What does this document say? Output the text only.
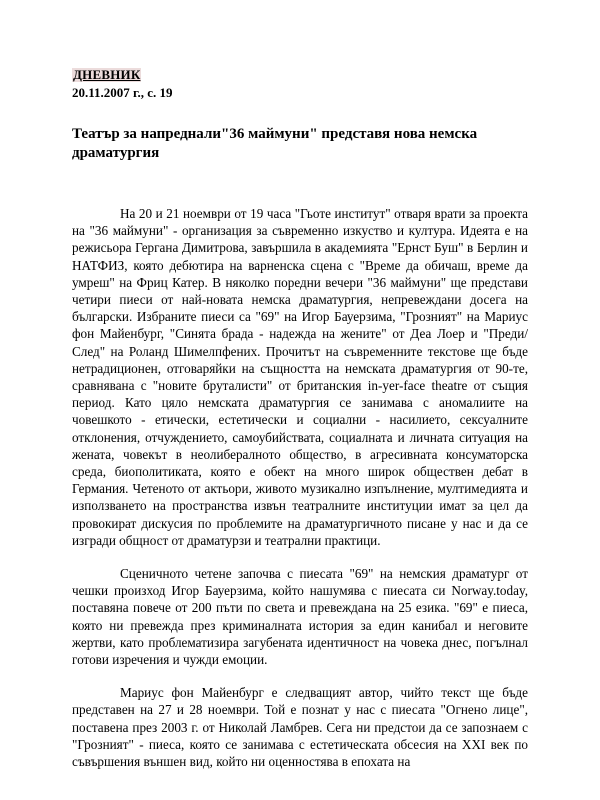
ДНЕВНИК
20.11.2007 г., с. 19
Театър за напреднали"36 маймуни" представя нова немска драматургия

На 20 и 21 ноември от 19 часа "Гьоте институт" отваря врати за проекта на "36 маймуни" - организация за съвременно изкуство и култура. Идеята е на режисьора Гергана Димитрова, завършила в академията "Ернст Буш" в Берлин и НАТФИЗ, която дебютира на варненска сцена с "Време да обичаш, време да умреш" на Фриц Катер. В няколко поредни вечери "36 маймуни" ще представи четири пиеси от най-новата немска драматургия, непревеждани досега на български. Избраните пиеси са "69" на Игор Бауерзима, "Грозният" на Мариус фон Майенбург, "Синята брада - надежда на жените" от Деа Лоер и "Преди/След" на Роланд Шимелпфених. Прочитът на съвременните текстове ще бъде нетрадиционен, отговаряйки на същността на немската драматургия от 90-те, сравнявана с "новите бруталисти" от британския in-yer-face theatre от същия период. Като цяло немската драматургия се занимава с аномалиите на човешкото - етически, естетически и социални - насилието, сексуалните отклонения, отчуждението, самоубийствата, социалната и личната ситуация на жената, човекът в неолибералното общество, в агресивната консуматорска среда, биополитиката, която е обект на много широк обществен дебат в Германия. Четеното от актьори, живото музикално изпълнение, мултимедията и използването на пространства извън театралните институции имат за цел да провокират дискусия по проблемите на драматургичното писане у нас и да се изгради общност от драматурзи и театрални практици.

Сценичното четене започва с пиесата "69" на немския драматург от чешки произход Игор Бауерзима, който нашумява с пиесата си Norway.today, поставяна повече от 200 пъти по света и превеждана на 25 езика. "69" е пиеса, която ни превежда през криминалната история за един канибал и неговите жертви, като проблематизира загубената идентичност на човека днес, погълнал готови изречения и чужди емоции.

Мариус фон Майенбург е следващият автор, чийто текст ще бъде представен на 27 и 28 ноември. Той е познат у нас с пиесата "Огнено лице", поставена през 2003 г. от Николай Ламбрев. Сега ни предстои да се запознаем с "Грозният" - пиеса, която се занимава с естетическата обсесия на XXI век по съвършения външен вид, който ни оценностява в епохата на
